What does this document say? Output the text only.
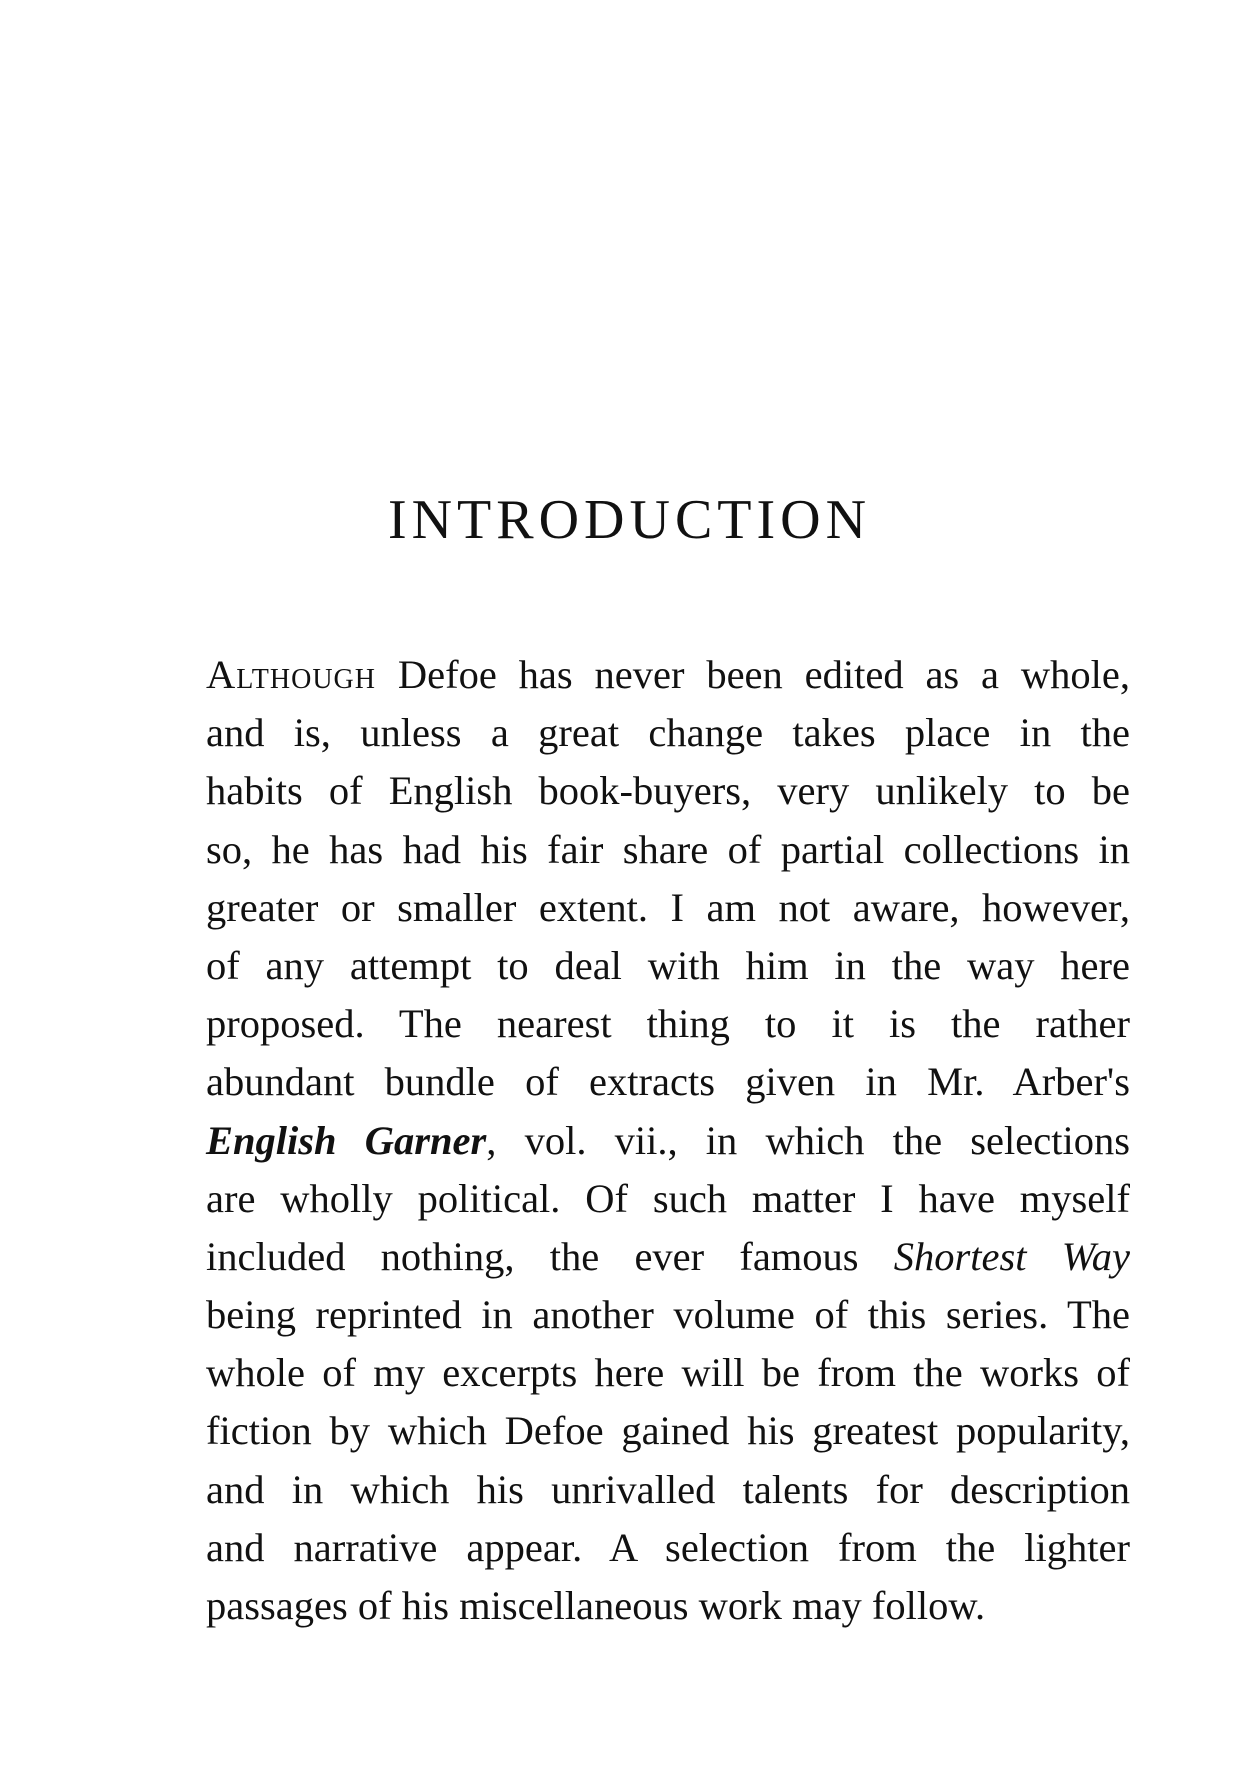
INTRODUCTION
Although Defoe has never been edited as a whole,
and is, unless a great change takes place in the
habits of English book-buyers, very unlikely to be
so, he has had his fair share of partial collections in
greater or smaller extent. I am not aware, however,
of any attempt to deal with him in the way here
proposed. The nearest thing to it is the rather
abundant bundle of extracts given in Mr. Arber's
English Garner, vol. vii., in which the selections
are wholly political. Of such matter I have myself
included nothing, the ever famous Shortest Way
being reprinted in another volume of this series. The
whole of my excerpts here will be from the works of
fiction by which Defoe gained his greatest popularity,
and in which his unrivalled talents for description
and narrative appear. A selection from the lighter
passages of his miscellaneous work may follow.
